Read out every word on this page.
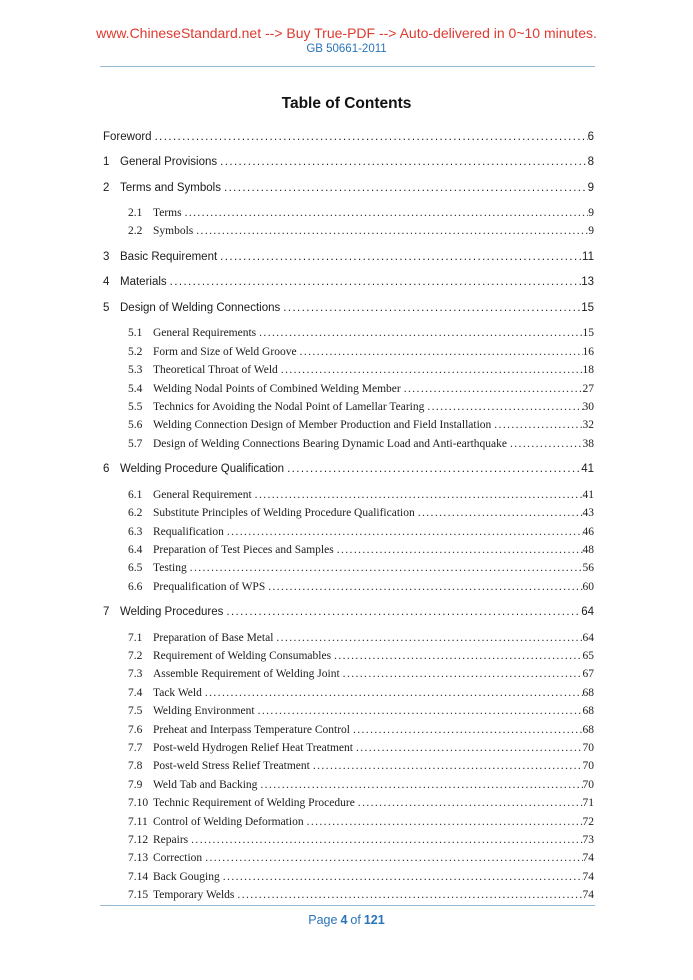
www.ChineseStandard.net --> Buy True-PDF --> Auto-delivered in 0~10 minutes.
GB 50661-2011
Table of Contents
Foreword .....	6
1 General Provisions .....	8
2 Terms and Symbols .....	9
2.1 Terms .....	9
2.2 Symbols .....	9
3 Basic Requirement .....	11
4 Materials .....	13
5 Design of Welding Connections .....	15
5.1 General Requirements .....	15
5.2 Form and Size of Weld Groove .....	16
5.3 Theoretical Throat of Weld .....	18
5.4 Welding Nodal Points of Combined Welding Member .....	27
5.5 Technics for Avoiding the Nodal Point of Lamellar Tearing .....	30
5.6 Welding Connection Design of Member Production and Field Installation .....	32
5.7 Design of Welding Connections Bearing Dynamic Load and Anti-earthquake .....	38
6 Welding Procedure Qualification .....	41
6.1 General Requirement .....	41
6.2 Substitute Principles of Welding Procedure Qualification .....	43
6.3 Requalification .....	46
6.4 Preparation of Test Pieces and Samples .....	48
6.5 Testing .....	56
6.6 Prequalification of WPS .....	60
7 Welding Procedures .....	64
7.1 Preparation of Base Metal .....	64
7.2 Requirement of Welding Consumables .....	65
7.3 Assemble Requirement of Welding Joint .....	67
7.4 Tack Weld .....	68
7.5 Welding Environment .....	68
7.6 Preheat and Interpass Temperature Control .....	68
7.7 Post-weld Hydrogen Relief Heat Treatment .....	70
7.8 Post-weld Stress Relief Treatment .....	70
7.9 Weld Tab and Backing .....	70
7.10 Technic Requirement of Welding Procedure .....	71
7.11 Control of Welding Deformation .....	72
7.12 Repairs .....	73
7.13 Correction .....	74
7.14 Back Gouging .....	74
7.15 Temporary Welds .....	74
Page 4 of 121
